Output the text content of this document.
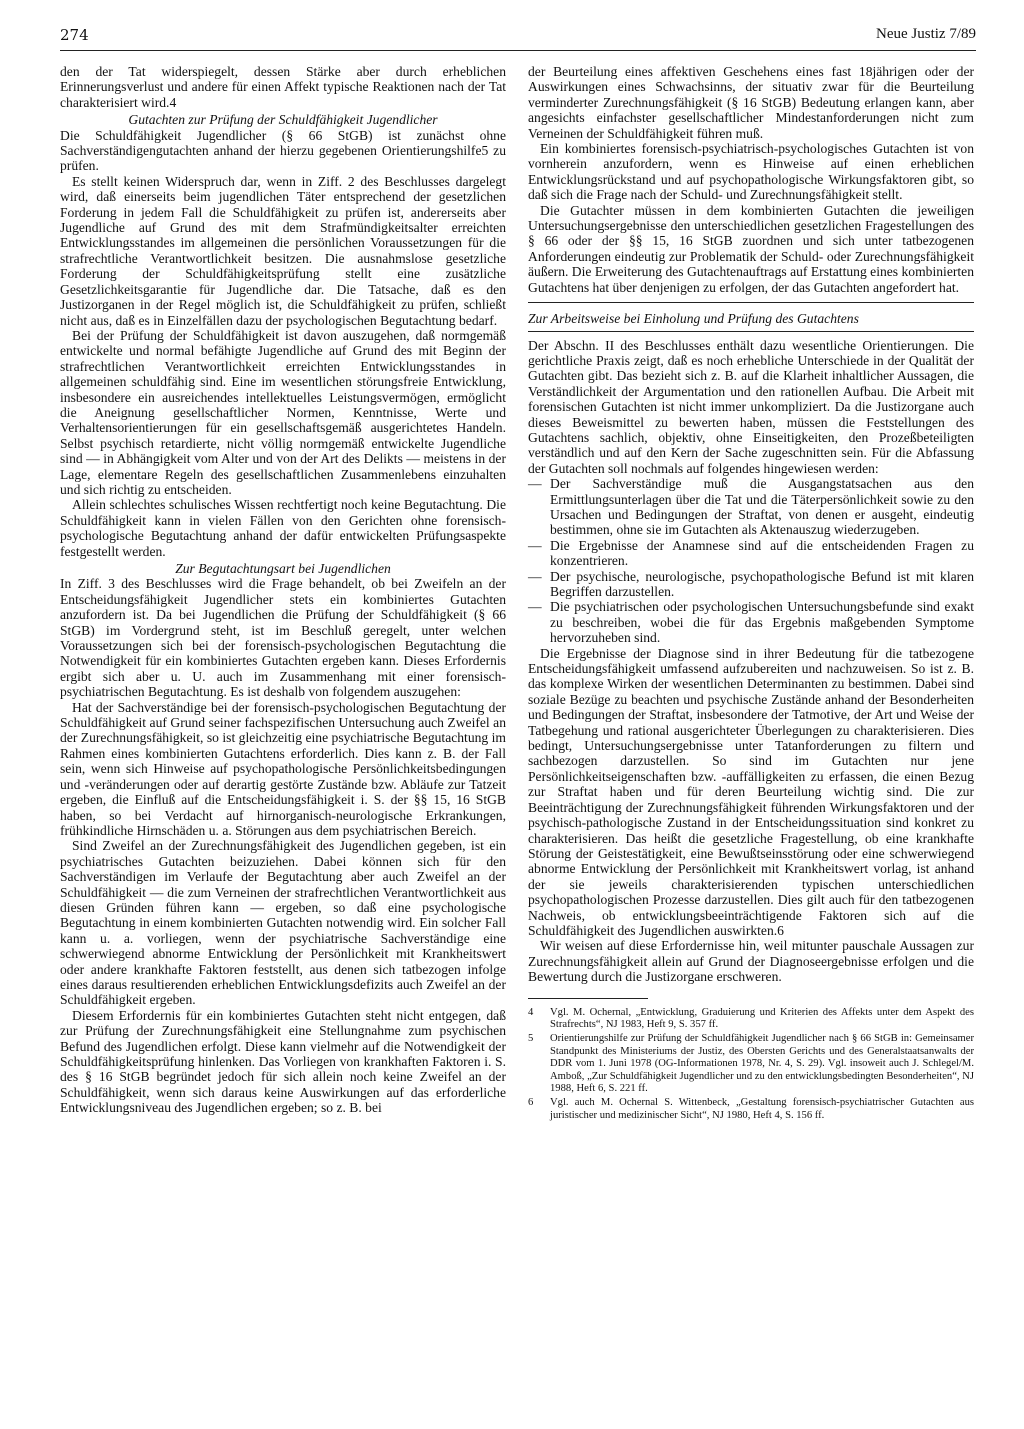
274	Neue Justiz 7/89

den der Tat widerspiegelt, dessen Stärke aber durch erheblichen Erinnerungsverlust und andere für einen Affekt typische Reaktionen nach der Tat charakterisiert wird.4

Gutachten zur Prüfung der Schuldfähigkeit Jugendlicher

Die Schuldfähigkeit Jugendlicher (§ 66 StGB) ist zunächst ohne Sachverständigengutachten anhand der hierzu gegebenen Orientierungshilfe5 zu prüfen.

Es stellt keinen Widerspruch dar, wenn in Ziff. 2 des Beschlusses dargelegt wird, daß einerseits beim jugendlichen Täter entsprechend der gesetzlichen Forderung in jedem Fall die Schuldfähigkeit zu prüfen ist, andererseits aber Jugendliche auf Grund des mit dem Strafmündigkeitsalter erreichten Entwicklungsstandes im allgemeinen die persönlichen Voraussetzungen für die strafrechtliche Verantwortlichkeit besitzen. Die ausnahmslose gesetzliche Forderung der Schuldfähigkeitsprüfung stellt eine zusätzliche Gesetzlichkeitsgarantie für Jugendliche dar. Die Tatsache, daß es den Justizorganen in der Regel möglich ist, die Schuldfähigkeit zu prüfen, schließt nicht aus, daß es in Einzelfällen dazu der psychologischen Begutachtung bedarf.

Bei der Prüfung der Schuldfähigkeit ist davon auszugehen, daß normgemäß entwickelte und normal befähigte Jugendliche auf Grund des mit Beginn der strafrechtlichen Verantwortlichkeit erreichten Entwicklungsstandes in allgemeinen schuldfähig sind. Eine im wesentlichen störungsfreie Entwicklung, insbesondere ein ausreichendes intellektuelles Leistungsvermögen, ermöglicht die Aneignung gesellschaftlicher Normen, Kenntnisse, Werte und Verhaltensorientierungen für ein gesellschaftsgemäß ausgerichtetes Handeln. Selbst psychisch retardierte, nicht völlig normgemäß entwickelte Jugendliche sind — in Abhängigkeit vom Alter und von der Art des Delikts — meistens in der Lage, elementare Regeln des gesellschaftlichen Zusammenlebens einzuhalten und sich richtig zu entscheiden.

Allein schlechtes schulisches Wissen rechtfertigt noch keine Begutachtung. Die Schuldfähigkeit kann in vielen Fällen von den Gerichten ohne forensisch-psychologische Begutachtung anhand der dafür entwickelten Prüfungsaspekte festgestellt werden.

Zur Begutachtungsart bei Jugendlichen

In Ziff. 3 des Beschlusses wird die Frage behandelt, ob bei Zweifeln an der Entscheidungsfähigkeit Jugendlicher stets ein kombiniertes Gutachten anzufordern ist. Da bei Jugendlichen die Prüfung der Schuldfähigkeit (§ 66 StGB) im Vordergrund steht, ist im Beschluß geregelt, unter welchen Voraussetzungen sich bei der forensisch-psychologischen Begutachtung die Notwendigkeit für ein kombiniertes Gutachten ergeben kann. Dieses Erfordernis ergibt sich aber u. U. auch im Zusammenhang mit einer forensisch-psychiatrischen Begutachtung. Es ist deshalb von folgendem auszugehen:

Hat der Sachverständige bei der forensisch-psychologischen Begutachtung der Schuldfähigkeit auf Grund seiner fachspezifischen Untersuchung auch Zweifel an der Zurechnungsfähigkeit, so ist gleichzeitig eine psychiatrische Begutachtung im Rahmen eines kombinierten Gutachtens erforderlich. Dies kann z. B. der Fall sein, wenn sich Hinweise auf psychopathologische Persönlichkeitsbedingungen und -veränderungen oder auf derartig gestörte Zustände bzw. Abläufe zur Tatzeit ergeben, die Einfluß auf die Entscheidungsfähigkeit i. S. der §§ 15, 16 StGB haben, so bei Verdacht auf hirnorganisch-neurologische Erkrankungen, frühkindliche Hirnschäden u. a. Störungen aus dem psychiatrischen Bereich.

Sind Zweifel an der Zurechnungsfähigkeit des Jugendlichen gegeben, ist ein psychiatrisches Gutachten beizuziehen. Dabei können sich für den Sachverständigen im Verlaufe der Begutachtung aber auch Zweifel an der Schuldfähigkeit — die zum Verneinen der strafrechtlichen Verantwortlichkeit aus diesen Gründen führen kann — ergeben, so daß eine psychologische Begutachtung in einem kombinierten Gutachten notwendig wird. Ein solcher Fall kann u. a. vorliegen, wenn der psychiatrische Sachverständige eine schwerwiegend abnorme Entwicklung der Persönlichkeit mit Krankheitswert oder andere krankhafte Faktoren feststellt, aus denen sich tatbezogen infolge eines daraus resultierenden erheblichen Entwicklungsdefizits auch Zweifel an der Schuldfähigkeit ergeben.

Diesem Erfordernis für ein kombiniertes Gutachten steht nicht entgegen, daß zur Prüfung der Zurechnungsfähigkeit eine Stellungnahme zum psychischen Befund des Jugendlichen erfolgt. Diese kann vielmehr auf die Notwendigkeit der Schuldfähigkeitsprüfung hinlenken. Das Vorliegen von krankhaften Faktoren i. S. des § 16 StGB begründet jedoch für sich allein noch keine Zweifel an der Schuldfähigkeit, wenn sich daraus keine Auswirkungen auf das erforderliche Entwicklungsniveau des Jugendlichen ergeben; so z. B. bei

der Beurteilung eines affektiven Geschehens eines fast 18jährigen oder der Auswirkungen eines Schwachsinns, der situativ zwar für die Beurteilung verminderter Zurechnungsfähigkeit (§ 16 StGB) Bedeutung erlangen kann, aber angesichts einfachster gesellschaftlicher Mindestanforderungen nicht zum Verneinen der Schuldfähigkeit führen muß.

Ein kombiniertes forensisch-psychiatrisch-psychologisches Gutachten ist von vornherein anzufordern, wenn es Hinweise auf einen erheblichen Entwicklungsrückstand und auf psychopathologische Wirkungsfaktoren gibt, so daß sich die Frage nach der Schuld- und Zurechnungsfähigkeit stellt.

Die Gutachter müssen in dem kombinierten Gutachten die jeweiligen Untersuchungsergebnisse den unterschiedlichen gesetzlichen Fragestellungen des § 66 oder der §§ 15, 16 StGB zuordnen und sich unter tatbezogenen Anforderungen eindeutig zur Problematik der Schuld- oder Zurechnungsfähigkeit äußern. Die Erweiterung des Gutachtenauftrags auf Erstattung eines kombinierten Gutachtens hat über denjenigen zu erfolgen, der das Gutachten angefordert hat.

Zur Arbeitsweise bei Einholung und Prüfung des Gutachtens

Der Abschn. II des Beschlusses enthält dazu wesentliche Orientierungen. Die gerichtliche Praxis zeigt, daß es noch erhebliche Unterschiede in der Qualität der Gutachten gibt. Das bezieht sich z. B. auf die Klarheit inhaltlicher Aussagen, die Verständlichkeit der Argumentation und den rationellen Aufbau. Die Arbeit mit forensischen Gutachten ist nicht immer unkompliziert. Da die Justizorgane auch dieses Beweismittel zu bewerten haben, müssen die Feststellungen des Gutachtens sachlich, objektiv, ohne Einseitigkeiten, den Prozeßbeteiligten verständlich und auf den Kern der Sache zugeschnitten sein. Für die Abfassung der Gutachten soll nochmals auf folgendes hingewiesen werden:

— Der Sachverständige muß die Ausgangstatsachen aus den Ermittlungsunterlagen über die Tat und die Täterpersönlichkeit sowie zu den Ursachen und Bedingungen der Straftat, von denen er ausgeht, eindeutig bestimmen, ohne sie im Gutachten als Aktenauszug wiederzugeben.
— Die Ergebnisse der Anamnese sind auf die entscheidenden Fragen zu konzentrieren.
— Der psychische, neurologische, psychopathologische Befund ist mit klaren Begriffen darzustellen.
— Die psychiatrischen oder psychologischen Untersuchungsbefunde sind exakt zu beschreiben, wobei die für das Ergebnis maßgebenden Symptome hervorzuheben sind.

Die Ergebnisse der Diagnose sind in ihrer Bedeutung für die tatbezogene Entscheidungsfähigkeit umfassend aufzubereiten und nachzuweisen. So ist z. B. das komplexe Wirken der wesentlichen Determinanten zu bestimmen. Dabei sind soziale Bezüge zu beachten und psychische Zustände anhand der Besonderheiten und Bedingungen der Straftat, insbesondere der Tatmotive, der Art und Weise der Tatbegehung und rational ausgerichteter Überlegungen zu charakterisieren. Dies bedingt, Untersuchungsergebnisse unter Tatanforderungen zu filtern und sachbezogen darzustellen. So sind im Gutachten nur jene Persönlichkeitseigenschaften bzw. -auffälligkeiten zu erfassen, die einen Bezug zur Straftat haben und für deren Beurteilung wichtig sind. Die zur Beeinträchtigung der Zurechnungsfähigkeit führenden Wirkungsfaktoren und der psychisch-pathologische Zustand in der Entscheidungssituation sind konkret zu charakterisieren. Das heißt die gesetzliche Fragestellung, ob eine krankhafte Störung der Geistestätigkeit, eine Bewußtseinsstörung oder eine schwerwiegend abnorme Entwicklung der Persönlichkeit mit Krankheitswert vorlag, ist anhand der sie jeweils charakterisierenden typischen unterschiedlichen psychopathologischen Prozesse darzustellen. Dies gilt auch für den tatbezogenen Nachweis, ob entwicklungsbeeinträchtigende Faktoren sich auf die Schuldfähigkeit des Jugendlichen auswirkten.6

Wir weisen auf diese Erfordernisse hin, weil mitunter pauschale Aussagen zur Zurechnungsfähigkeit allein auf Grund der Diagnoseergebnisse erfolgen und die Bewertung durch die Justizorgane erschweren.

4	Vgl. M. Ochernal, „Entwicklung, Graduierung und Kriterien des Affekts unter dem Aspekt des Strafrechts“, NJ 1983, Heft 9, S. 357 ff.
5	Orientierungshilfe zur Prüfung der Schuldfähigkeit Jugendlicher nach § 66 StGB in: Gemeinsamer Standpunkt des Ministeriums der Justiz, des Obersten Gerichts und des Generalstaatsanwalts der DDR vom 1. Juni 1978 (OG-Informationen 1978, Nr. 4, S. 29). Vgl. insoweit auch J. Schlegel/M. Amboß, „Zur Schuldfähigkeit Jugendlicher und zu den entwicklungsbedingten Besonderheiten“, NJ 1988, Heft 6, S. 221 ff.
6	Vgl. auch M. Ochernal S. Wittenbeck, „Gestaltung forensisch-psychiatrischer Gutachten aus juristischer und medizinischer Sicht“, NJ 1980, Heft 4, S. 156 ff.
